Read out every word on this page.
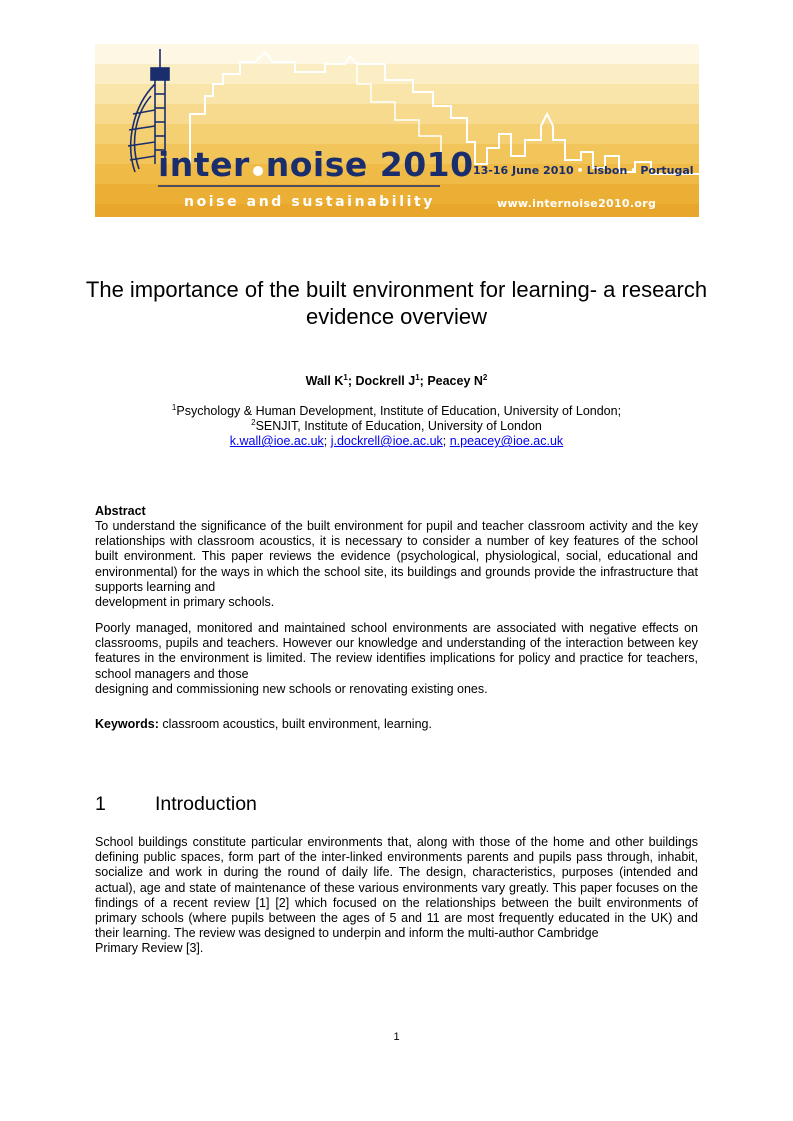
inter noise 2010
noise and sustainability
13-16 June 2010 • Lisbon • Portugal
www.internoise2010.org
The importance of the built environment for learning- a research evidence overview
Wall $K^1$; Dockrell $J^1$; Peacey $N^2$
$^1$Psychology & Human Development, Institute of Education, University of London;
$^2$SENJIT, Institute of Education, University of London
k.wall@ioe.ac.uk; j.dockrell@ioe.ac.uk; n.peacey@ioe.ac.uk
Abstract
To understand the significance of the built environment for pupil and teacher classroom activity and the key relationships with classroom acoustics, it is necessary to consider a number of key features of the school built environment. This paper reviews the evidence (psychological, physiological, social, educational and environmental) for the ways in which the school site, its buildings and grounds provide the infrastructure that supports learning and
development in primary schools.
Poorly managed, monitored and maintained school environments are associated with negative effects on classrooms, pupils and teachers. However our knowledge and understanding of the interaction between key features in the environment is limited. The review identifies implications for policy and practice for teachers, school managers and those
designing and commissioning new schools or renovating existing ones.
Keywords: classroom acoustics, built environment, learning.
1	Introduction
School buildings constitute particular environments that, along with those of the home and other buildings defining public spaces, form part of the inter-linked environments parents and pupils pass through, inhabit, socialize and work in during the round of daily life. The design, characteristics, purposes (intended and actual), age and state of maintenance of these various environments vary greatly. This paper focuses on the findings of a recent review [1] [2] which focused on the relationships between the built environments of primary schools (where pupils between the ages of 5 and 11 are most frequently educated in the UK) and their learning. The review was designed to underpin and inform the multi-author Cambridge
Primary Review [3].
1
